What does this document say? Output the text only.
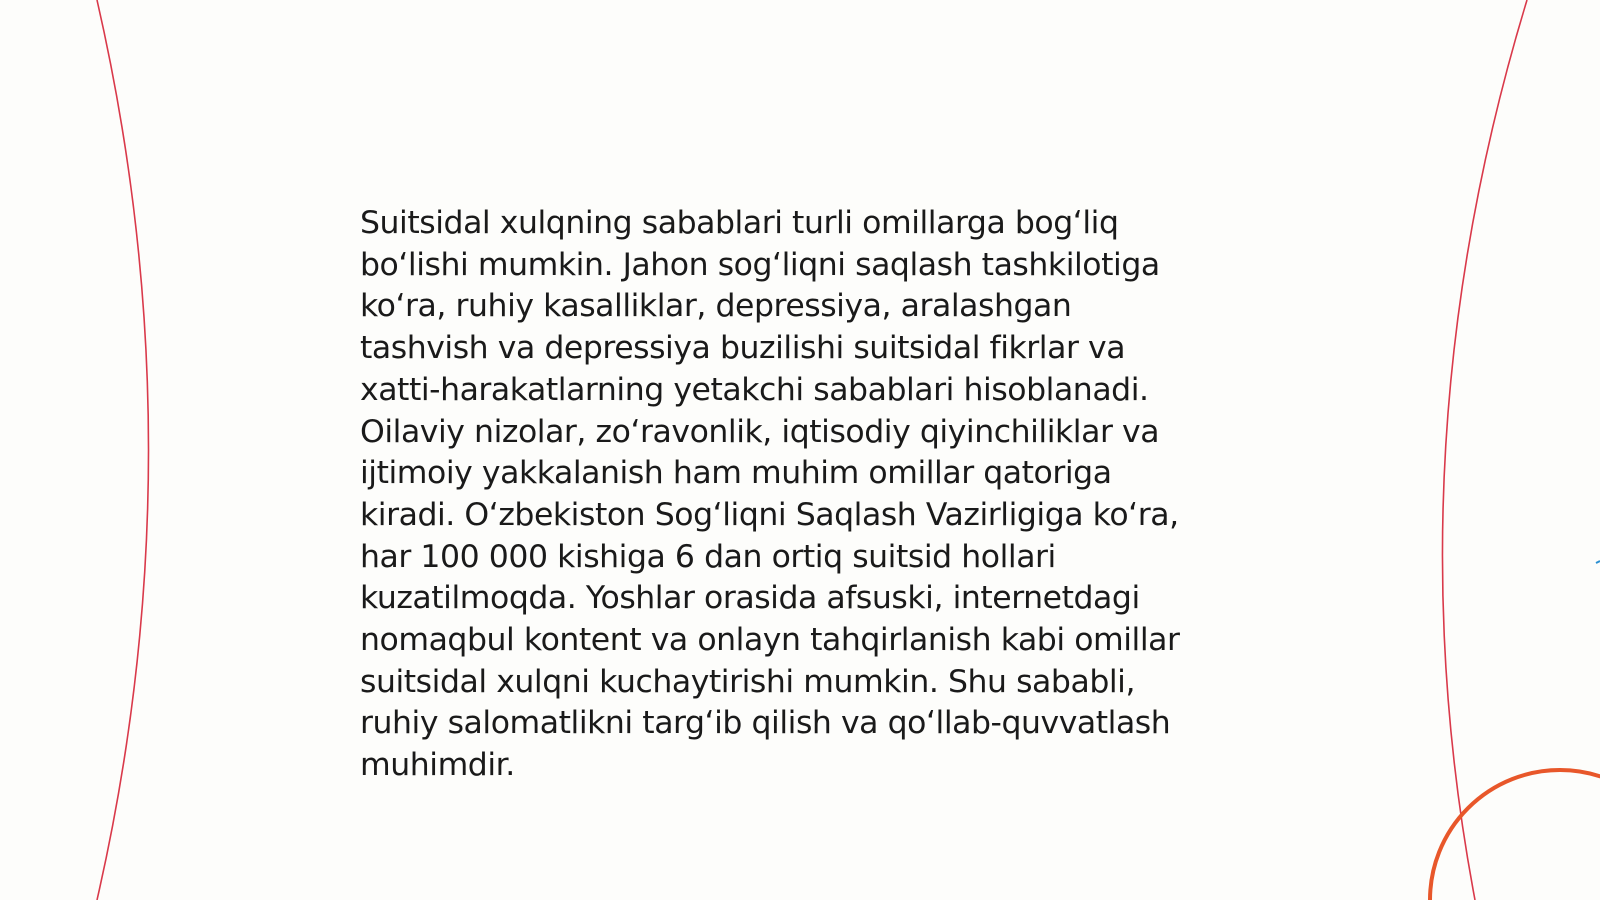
Suitsidal xulqning sabablari turli omillarga bog‘liq
bo‘lishi mumkin. Jahon sog‘liqni saqlash tashkilotiga
ko‘ra, ruhiy kasalliklar, depressiya, aralashgan
tashvish va depressiya buzilishi suitsidal fikrlar va
xatti-harakatlarning yetakchi sabablari hisoblanadi.
Oilaviy nizolar, zo‘ravonlik, iqtisodiy qiyinchiliklar va
ijtimoiy yakkalanish ham muhim omillar qatoriga
kiradi. O‘zbekiston Sog‘liqni Saqlash Vazirligiga ko‘ra,
har 100 000 kishiga 6 dan ortiq suitsid hollari
kuzatilmoqda. Yoshlar orasida afsuski, internetdagi
nomaqbul kontent va onlayn tahqirlanish kabi omillar
suitsidal xulqni kuchaytirishi mumkin. Shu sababli,
ruhiy salomatlikni targ‘ib qilish va qo‘llab-quvvatlash
muhimdir.
